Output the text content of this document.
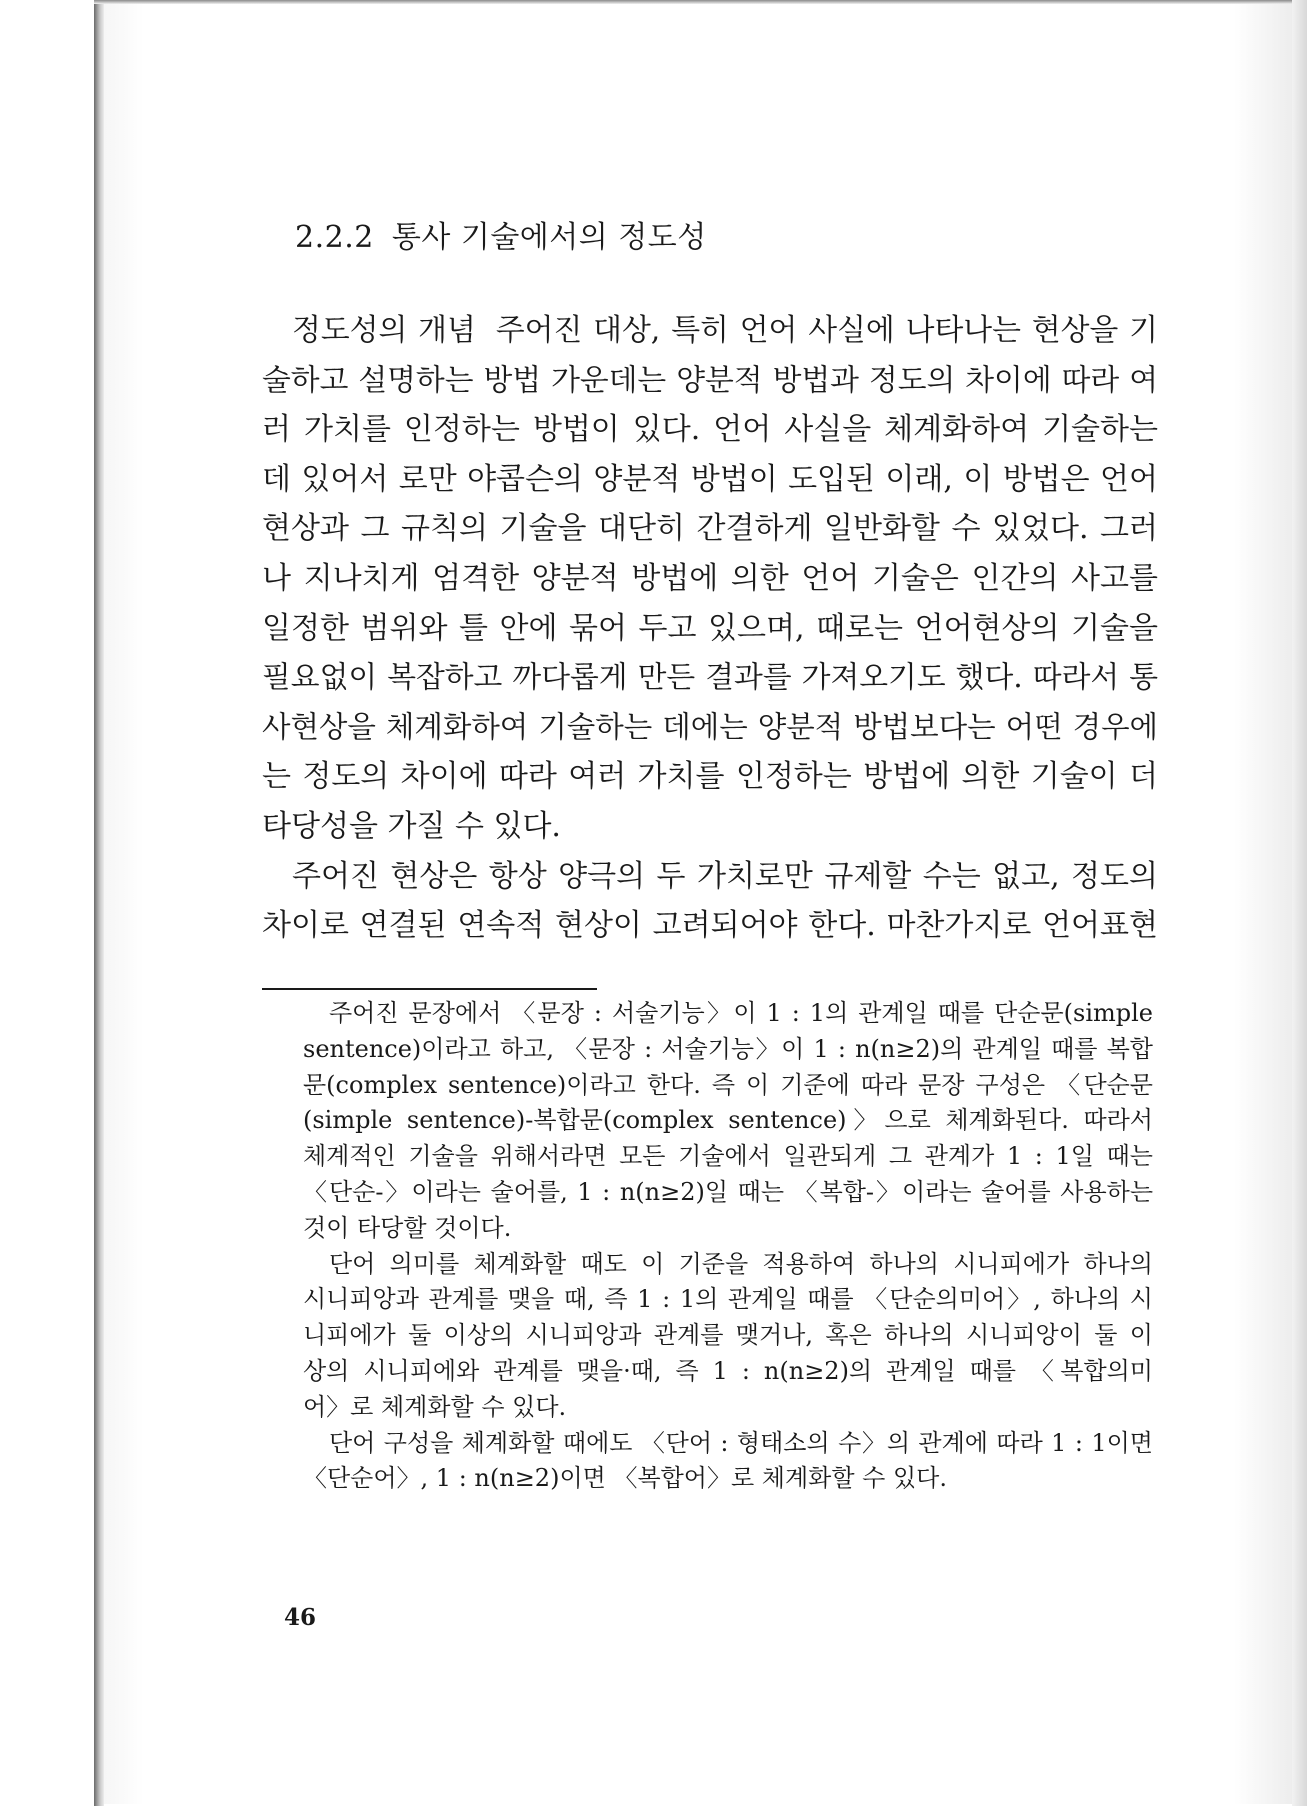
2.2.2 통사 기술에서의 정도성
정도성의 개념 주어진 대상, 특히 언어 사실에 나타나는 현상을 기
술하고 설명하는 방법 가운데는 양분적 방법과 정도의 차이에 따라 여
러 가치를 인정하는 방법이 있다. 언어 사실을 체계화하여 기술하는
데 있어서 로만 야콥슨의 양분적 방법이 도입된 이래, 이 방법은 언어
현상과 그 규칙의 기술을 대단히 간결하게 일반화할 수 있었다. 그러
나 지나치게 엄격한 양분적 방법에 의한 언어 기술은 인간의 사고를
일정한 범위와 틀 안에 묶어 두고 있으며, 때로는 언어현상의 기술을
필요없이 복잡하고 까다롭게 만든 결과를 가져오기도 했다. 따라서 통
사현상을 체계화하여 기술하는 데에는 양분적 방법보다는 어떤 경우에
는 정도의 차이에 따라 여러 가치를 인정하는 방법에 의한 기술이 더
타당성을 가질 수 있다.
주어진 현상은 항상 양극의 두 가치로만 규제할 수는 없고, 정도의
차이로 연결된 연속적 현상이 고려되어야 한다. 마찬가지로 언어표현
주어진 문장에서 〈문장 : 서술기능〉이 1 : 1의 관계일 때를 단순문(simple
sentence)이라고 하고, 〈문장 : 서술기능〉이 1 : n(n≥2)의 관계일 때를 복합
문(complex sentence)이라고 한다. 즉 이 기준에 따라 문장 구성은 〈단순문
(simple sentence)-복합문(complex sentence)〉으로 체계화된다. 따라서
체계적인 기술을 위해서라면 모든 기술에서 일관되게 그 관계가 1 : 1일 때는
〈단순-〉이라는 술어를, 1 : n(n≥2)일 때는 〈복합-〉이라는 술어를 사용하는
것이 타당할 것이다.
단어 의미를 체계화할 때도 이 기준을 적용하여 하나의 시니피에가 하나의
시니피앙과 관계를 맺을 때, 즉 1 : 1의 관계일 때를 〈단순의미어〉, 하나의 시
니피에가 둘 이상의 시니피앙과 관계를 맺거나, 혹은 하나의 시니피앙이 둘 이
상의 시니피에와 관계를 맺을·때, 즉 1 : n(n≥2)의 관계일 때를 〈복합의미
어〉로 체계화할 수 있다.
단어 구성을 체계화할 때에도 〈단어 : 형태소의 수〉의 관계에 따라 1 : 1이면
〈단순어〉, 1 : n(n≥2)이면 〈복합어〉로 체계화할 수 있다.

46
